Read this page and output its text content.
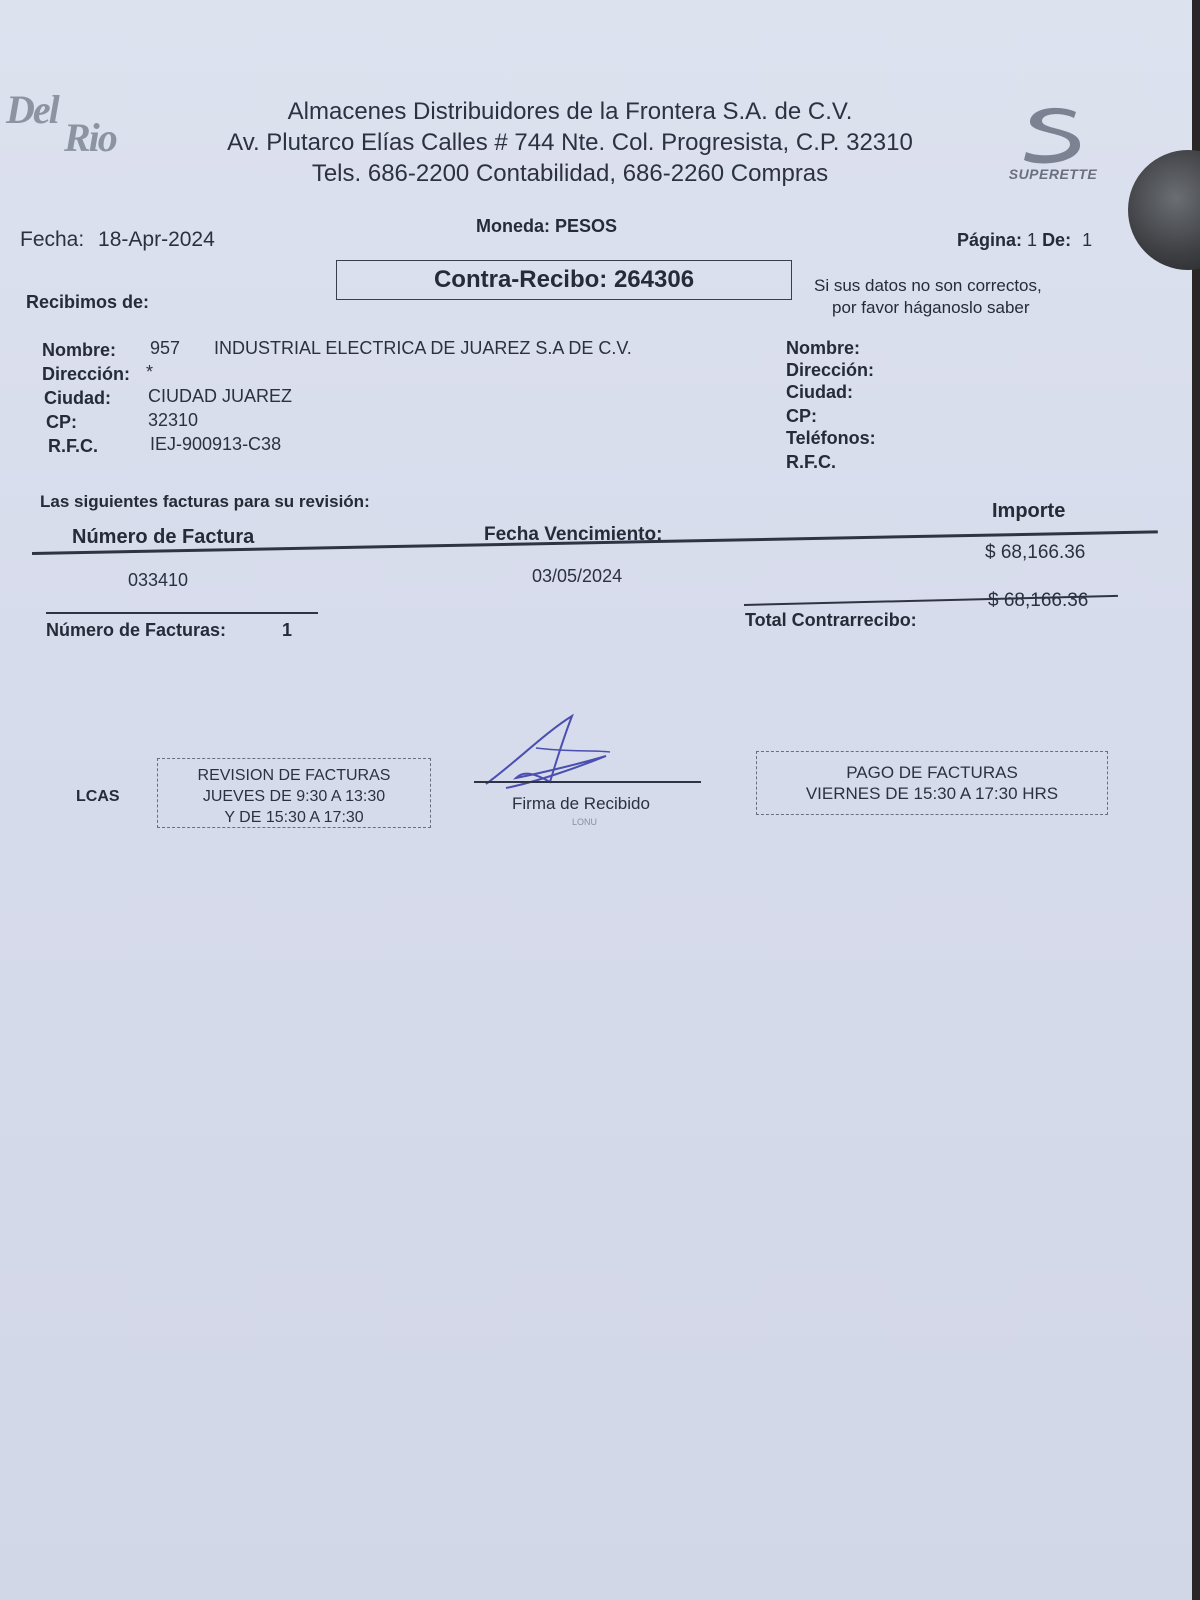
Del
Rio
SUPERETTE
Almacenes Distribuidores de la Frontera S.A. de C.V.
Av. Plutarco Elías Calles # 744 Nte. Col. Progresista, C.P. 32310
Tels. 686-2200 Contabilidad, 686-2260 Compras
Fecha: 18-Apr-2024
Moneda: PESOS
Página: 1 De: 1
Contra-Recibo: 264306
Recibimos de:
Si sus datos no son correctos,
por favor háganoslo saber
Nombre: 957 INDUSTRIAL ELECTRICA DE JUAREZ S.A DE C.V.
Dirección: *
Ciudad: CIUDAD JUAREZ
CP:	32310
R.F.C.	IEJ-900913-C38
Nombre:
Dirección:
Ciudad:
CP:
Teléfonos:
R.F.C.
Las siguientes facturas para su revisión:
Número de Factura	Fecha Vencimiento:
Importe
033410	03/05/2024
$ 68,166.36
Número de Facturas:	1	Total Contrarrecibo:
$ 68,166.36
LCAS
REVISION DE FACTURAS
JUEVES DE 9:30 A 13:30
Y DE 15:30 A 17:30
Firma de Recibido
LONU
PAGO DE FACTURAS
VIERNES DE 15:30 A 17:30 HRS
